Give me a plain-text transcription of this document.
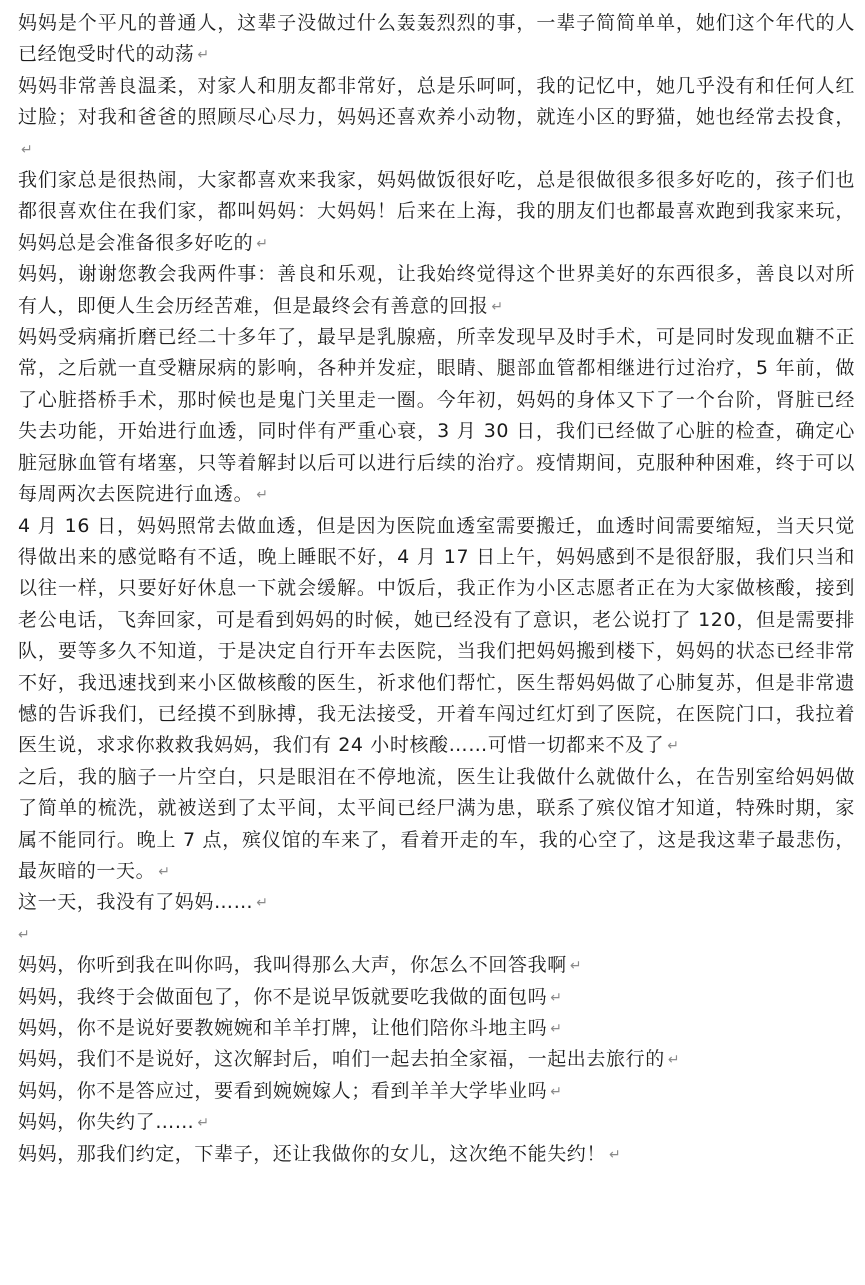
妈妈是个平凡的普通人，这辈子没做过什么轰轰烈烈的事，一辈子简简单单，她们这个年代的人已经饱受时代的动荡 ↵

妈妈非常善良温柔，对家人和朋友都非常好，总是乐呵呵，我的记忆中，她几乎没有和任何人红过脸；对我和爸爸的照顾尽心尽力，妈妈还喜欢养小动物，就连小区的野猫，她也经常去投食，↵

我们家总是很热闹，大家都喜欢来我家，妈妈做饭很好吃，总是很做很多很多好吃的，孩子们也都很喜欢住在我们家，都叫妈妈：大妈妈！后来在上海，我的朋友们也都最喜欢跑到我家来玩，妈妈总是会准备很多好吃的 ↵

妈妈，谢谢您教会我两件事：善良和乐观，让我始终觉得这个世界美好的东西很多，善良以对所有人，即便人生会历经苦难，但是最终会有善意的回报 ↵

妈妈受病痛折磨已经二十多年了，最早是乳腺癌，所幸发现早及时手术，可是同时发现血糖不正常，之后就一直受糖尿病的影响，各种并发症，眼睛、腿部血管都相继进行过治疗，5 年前，做了心脏搭桥手术，那时候也是鬼门关里走一圈。今年初，妈妈的身体又下了一个台阶，肾脏已经失去功能，开始进行血透，同时伴有严重心衰，3 月 30 日，我们已经做了心脏的检查，确定心脏冠脉血管有堵塞，只等着解封以后可以进行后续的治疗。疫情期间，克服种种困难，终于可以每周两次去医院进行血透。 ↵

4 月 16 日，妈妈照常去做血透，但是因为医院血透室需要搬迁，血透时间需要缩短，当天只觉得做出来的感觉略有不适，晚上睡眠不好，4 月 17 日上午，妈妈感到不是很舒服，我们只当和以往一样，只要好好休息一下就会缓解。中饭后，我正作为小区志愿者正在为大家做核酸，接到老公电话，飞奔回家，可是看到妈妈的时候，她已经没有了意识，老公说打了 120，但是需要排队，要等多久不知道，于是决定自行开车去医院，当我们把妈妈搬到楼下，妈妈的状态已经非常不好，我迅速找到来小区做核酸的医生，祈求他们帮忙，医生帮妈妈做了心肺复苏，但是非常遗憾的告诉我们，已经摸不到脉搏，我无法接受，开着车闯过红灯到了医院，在医院门口，我拉着医生说，求求你救救我妈妈，我们有 24 小时核酸……可惜一切都来不及了 ↵

之后，我的脑子一片空白，只是眼泪在不停地流，医生让我做什么就做什么，在告别室给妈妈做了简单的梳洗，就被送到了太平间，太平间已经尸满为患，联系了殡仪馆才知道，特殊时期，家属不能同行。晚上 7 点，殡仪馆的车来了，看着开走的车，我的心空了，这是我这辈子最悲伤，最灰暗的一天。 ↵

这一天，我没有了妈妈…… ↵

↵

妈妈，你听到我在叫你吗，我叫得那么大声，你怎么不回答我啊 ↵

妈妈，我终于会做面包了，你不是说早饭就要吃我做的面包吗 ↵

妈妈，你不是说好要教婉婉和羊羊打牌，让他们陪你斗地主吗 ↵

妈妈，我们不是说好，这次解封后，咱们一起去拍全家福，一起出去旅行的 ↵

妈妈，你不是答应过，要看到婉婉嫁人；看到羊羊大学毕业吗 ↵

妈妈，你失约了…… ↵

妈妈，那我们约定，下辈子，还让我做你的女儿，这次绝不能失约！ ↵
